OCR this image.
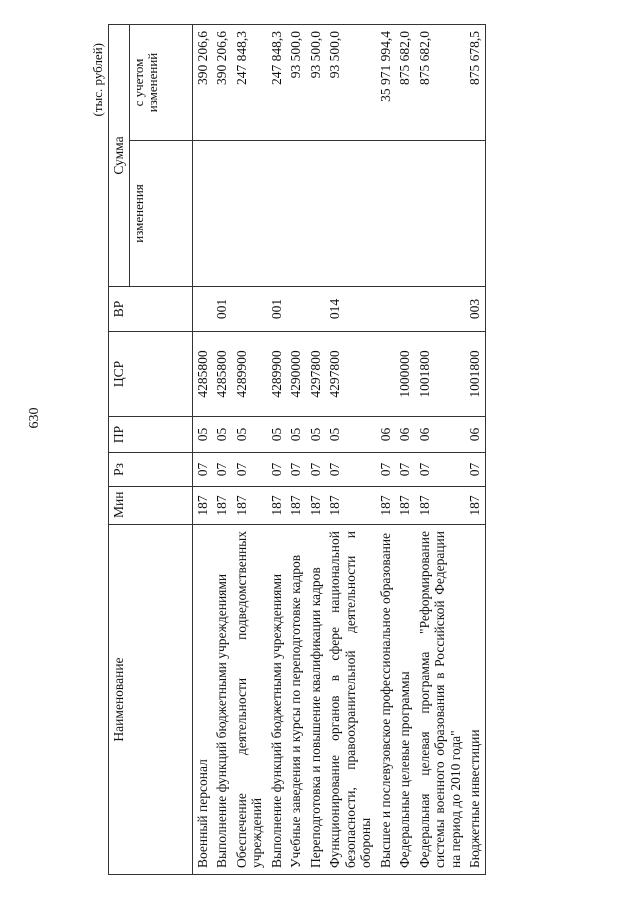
630
(тыс. рублей)
Наименование	Мин	Рз	ПР	ЦСР	ВР	Сумма	
						изменения	с учетом изменений
Военный персонал	187	07	05	4285800			390 206,6
Выполнение функций бюджетными учреждениями	187	07	05	4285800	001		390 206,6
Обеспечение деятельности подведомственных учреждений	187	07	05	4289900			247 848,3
Выполнение функций бюджетными учреждениями	187	07	05	4289900	001		247 848,3
Учебные заведения и курсы по переподготовке кадров	187	07	05	4290000			93 500,0
Переподготовка и повышение квалификации кадров	187	07	05	4297800			93 500,0
Функционирование органов в сфере национальной безопасности, правоохранительной деятельности и обороны	187	07	05	4297800	014		93 500,0
Высшее и послевузовское профессиональное образование	187	07	06				35 971 994,4
Федеральные целевые программы	187	07	06	1000000			875 682,0
Федеральная целевая программа "Реформирование системы военного образования в Российской Федерации на период до 2010 года"	187	07	06	1001800			875 682,0
Бюджетные инвестиции	187	07	06	1001800	003		875 678,5
